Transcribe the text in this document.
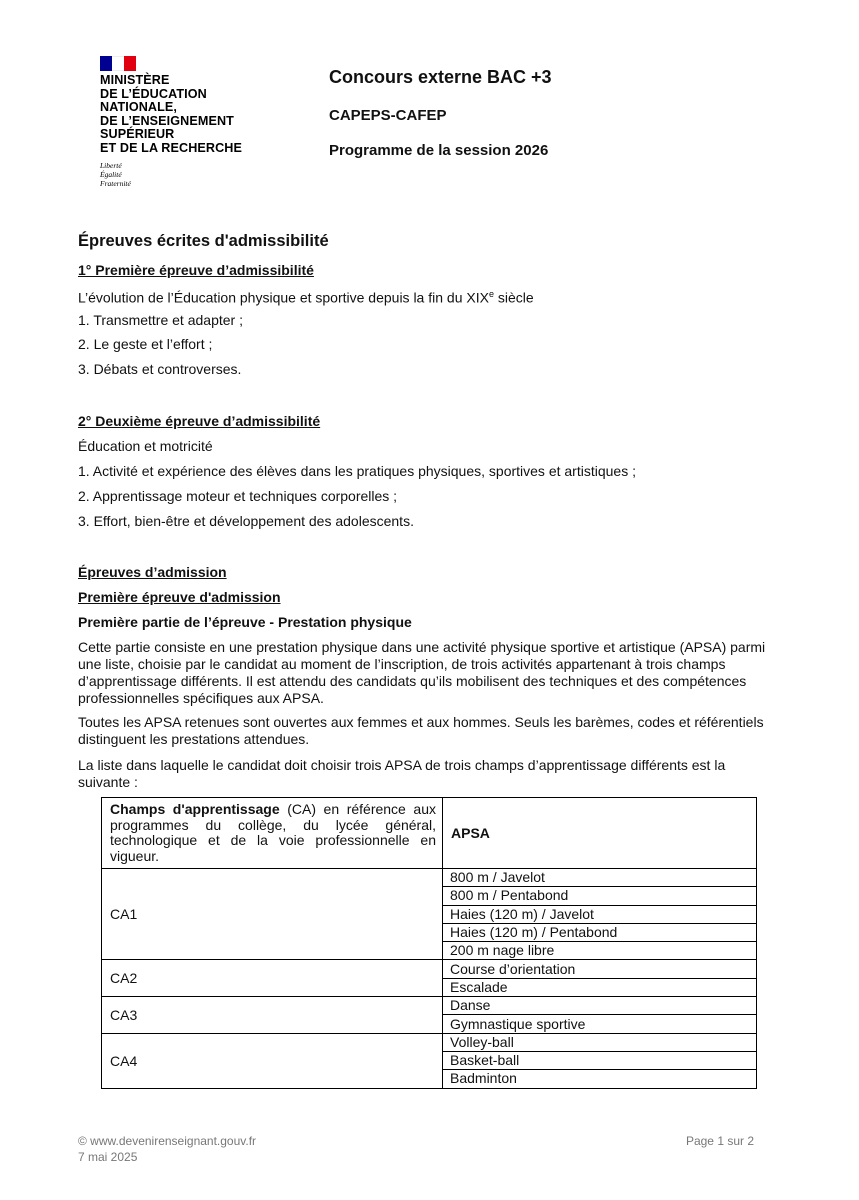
MINISTÈRE
DE L’ÉDUCATION
NATIONALE,
DE L’ENSEIGNEMENT
SUPÉRIEUR
ET DE LA RECHERCHE
Liberté
Égalité
Fraternité
Concours externe BAC +3
CAPEPS-CAFEP
Programme de la session 2026
Épreuves écrites d'admissibilité
1° Première épreuve d’admissibilité
L’évolution de l’Éducation physique et sportive depuis la fin du XIXe siècle
1. Transmettre et adapter ;
2. Le geste et l’effort ;
3. Débats et controverses.
2° Deuxième épreuve d’admissibilité
Éducation et motricité
1. Activité et expérience des élèves dans les pratiques physiques, sportives et artistiques ;
2. Apprentissage moteur et techniques corporelles ;
3. Effort, bien-être et développement des adolescents.
Épreuves d’admission
Première épreuve d'admission
Première partie de l’épreuve - Prestation physique
Cette partie consiste en une prestation physique dans une activité physique sportive et artistique (APSA) parmi une liste, choisie par le candidat au moment de l’inscription, de trois activités appartenant à trois champs d’apprentissage différents. Il est attendu des candidats qu’ils mobilisent des techniques et des compétences professionnelles spécifiques aux APSA.
Toutes les APSA retenues sont ouvertes aux femmes et aux hommes. Seuls les barèmes, codes et référentiels distinguent les prestations attendues.
La liste dans laquelle le candidat doit choisir trois APSA de trois champs d’apprentissage différents est la suivante :
Champs d'apprentissage (CA) en référence aux programmes du collège, du lycée général, technologique et de la voie professionnelle en vigueur.	APSA
CA1	800 m / Javelot
	800 m / Pentabond
	Haies (120 m) / Javelot
	Haies (120 m) / Pentabond
	200 m nage libre
CA2	Course d’orientation
	Escalade
CA3	Danse
	Gymnastique sportive
CA4	Volley-ball
	Basket-ball
	Badminton
© www.devenirenseignant.gouv.fr
7 mai 2025
Page 1 sur 2
